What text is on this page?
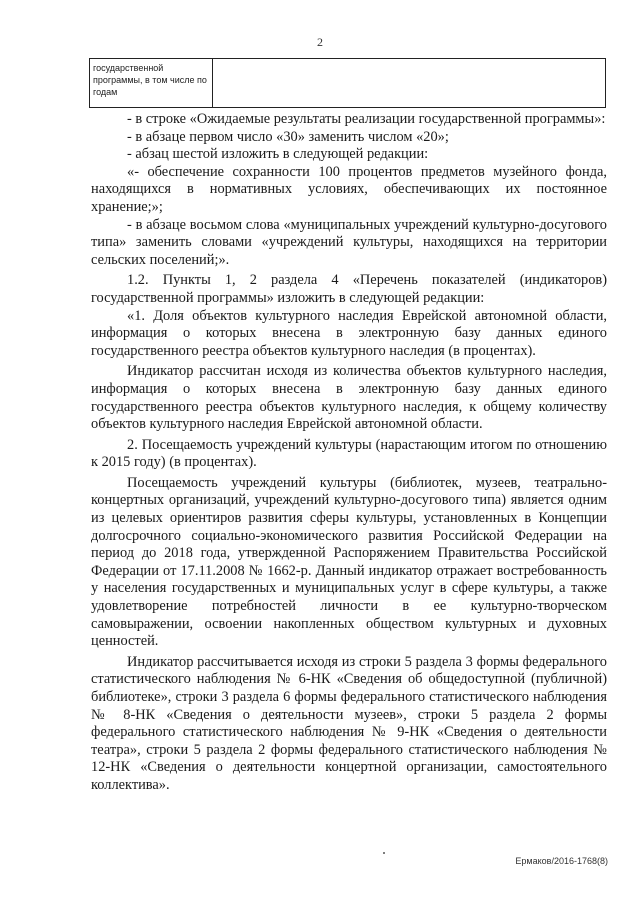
2
государственной программы, в том числе по годам

- в строке «Ожидаемые результаты реализации государственной программы»:

- в абзаце первом число «30» заменить числом «20»;

- абзац шестой изложить в следующей редакции:

«- обеспечение сохранности 100 процентов предметов музейного фонда, находящихся в нормативных условиях, обеспечивающих их постоянное хранение;»;

- в абзаце восьмом слова «муниципальных учреждений культурно-досугового типа» заменить словами «учреждений культуры, находящихся на территории сельских поселений;».

1.2. Пункты 1, 2 раздела 4 «Перечень показателей (индикаторов) государственной программы» изложить в следующей редакции:

«1. Доля объектов культурного наследия Еврейской автономной области, информация о которых внесена в электронную базу данных единого государственного реестра объектов культурного наследия (в процентах).

Индикатор рассчитан исходя из количества объектов культурного наследия, информация о которых внесена в электронную базу данных единого государственного реестра объектов культурного наследия, к общему количеству объектов культурного наследия Еврейской автономной области.

2. Посещаемость учреждений культуры (нарастающим итогом по отношению к 2015 году) (в процентах).

Посещаемость учреждений культуры (библиотек, музеев, театрально-концертных организаций, учреждений культурно-досугового типа) является одним из целевых ориентиров развития сферы культуры, установленных в Концепции долгосрочного социально-экономического развития Российской Федерации на период до 2018 года, утвержденной Распоряжением Правительства Российской Федерации от 17.11.2008 № 1662-р. Данный индикатор отражает востребованность у населения государственных и муниципальных услуг в сфере культуры, а также удовлетворение потребностей личности в ее культурно-творческом самовыражении, освоении накопленных обществом культурных и духовных ценностей.

Индикатор рассчитывается исходя из строки 5 раздела 3 формы федерального статистического наблюдения № 6-НК «Сведения об общедоступной (публичной) библиотеке», строки 3 раздела 6 формы федерального статистического наблюдения № 8-НК «Сведения о деятельности музеев», строки 5 раздела 2 формы федерального статистического наблюдения № 9-НК «Сведения о деятельности театра», строки 5 раздела 2 формы федерального статистического наблюдения № 12-НК «Сведения о деятельности концертной организации, самостоятельного коллектива».

Ермаков/2016-1768(8)
